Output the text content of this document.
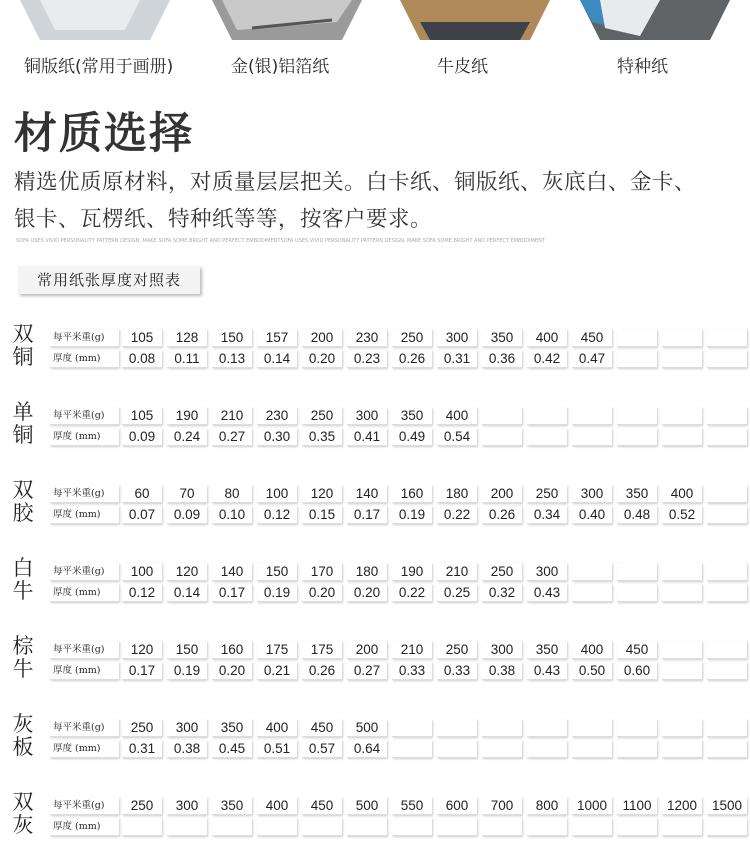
铜版纸(常用于画册)	金(银)铝箔纸	牛皮纸	特种纸
材质选择
精选优质原材料，对质量层层把关。白卡纸、铜版纸、灰底白、金卡、
银卡、瓦楞纸、特种纸等等，按客户要求。
SOFA USES VIVID PERSONALITY PATTERN DESIGN, MAKE SOFA SOME BRIGHT AND PERFECT EMBODIMENTSOFA USES VIVID PERSONALITY PATTERN DESIGN, MAKE SOFA SOME BRIGHT AND PERFECT EMBODIMENT
常用纸张厚度对照表
双铜
每平米重(g)	105	128	150	157	200	230	250	300	350	400	450
厚度 (mm)	0.08	0.11	0.13	0.14	0.20	0.23	0.26	0.31	0.36	0.42	0.47
单铜
每平米重(g)	105	190	210	230	250	300	350	400
厚度 (mm)	0.09	0.24	0.27	0.30	0.35	0.41	0.49	0.54
双胶
每平米重(g)	60	70	80	100	120	140	160	180	200	250	300	350	400
厚度 (mm)	0.07	0.09	0.10	0.12	0.15	0.17	0.19	0.22	0.26	0.34	0.40	0.48	0.52
白牛
每平米重(g)	100	120	140	150	170	180	190	210	250	300
厚度 (mm)	0.12	0.14	0.17	0.19	0.20	0.20	0.22	0.25	0.32	0.43
棕牛
每平米重(g)	120	150	160	175	175	200	210	250	300	350	400	450
厚度 (mm)	0.17	0.19	0.20	0.21	0.26	0.27	0.33	0.33	0.38	0.43	0.50	0.60
灰板
每平米重(g)	250	300	350	400	450	500
厚度 (mm)	0.31	0.38	0.45	0.51	0.57	0.64
双灰
每平米重(g)	250	300	350	400	450	500	550	600	700	800	1000	1100	1200	1500
厚度 (mm)
